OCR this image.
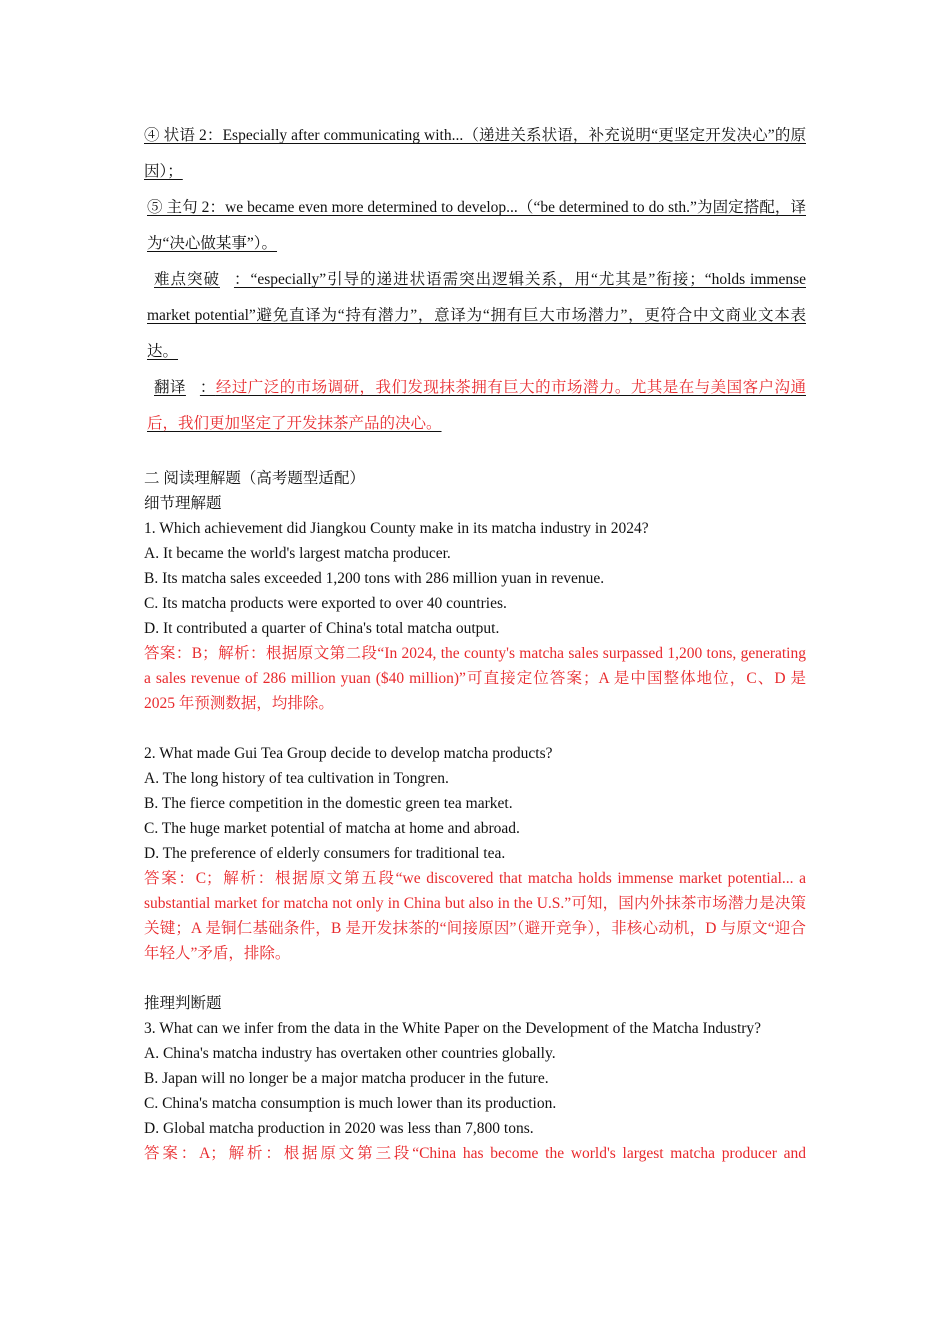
④ 状语 2：Especially after communicating with...（递进关系状语，补充说明“更坚定开发决心”的原因）；

⑤ 主句 2：we became even more determined to develop...（“be determined to do sth.”为固定搭配，译为“决心做某事”）。

难点突破 ：“especially”引导的递进状语需突出逻辑关系，用“尤其是”衔接；“holds immense market potential”避免直译为“持有潜力”，意译为“拥有巨大市场潜力”，更符合中文商业文本表达。

翻译 ：经过广泛的市场调研，我们发现抹茶拥有巨大的市场潜力。尤其是在与美国客户沟通后，我们更加坚定了开发抹茶产品的决心。

二 阅读理解题（高考题型适配）

细节理解题

1. Which achievement did Jiangkou County make in its matcha industry in 2024?

A. It became the world's largest matcha producer.

B. Its matcha sales exceeded 1,200 tons with 286 million yuan in revenue.

C. Its matcha products were exported to over 40 countries.

D. It contributed a quarter of China's total matcha output.

答案：B；解析：根据原文第二段“In 2024, the county's matcha sales surpassed 1,200 tons, generating a sales revenue of 286 million yuan ($40 million)”可直接定位答案；A 是中国整体地位，C、D 是 2025 年预测数据，均排除。

2. What made Gui Tea Group decide to develop matcha products?

A. The long history of tea cultivation in Tongren.

B. The fierce competition in the domestic green tea market.

C. The huge market potential of matcha at home and abroad.

D. The preference of elderly consumers for traditional tea.

答案：C；解析：根据原文第五段“we discovered that matcha holds immense market potential... a substantial market for matcha not only in China but also in the U.S.”可知，国内外抹茶市场潜力是决策关键；A 是铜仁基础条件，B 是开发抹茶的“间接原因”（避开竞争），非核心动机，D 与原文“迎合年轻人”矛盾，排除。

推理判断题

3. What can we infer from the data in the White Paper on the Development of the Matcha Industry?

A. China's matcha industry has overtaken other countries globally.

B. Japan will no longer be a major matcha producer in the future.

C. China's matcha consumption is much lower than its production.

D. Global matcha production in 2020 was less than 7,800 tons.

答案：A；解析：根据原文第三段“China has become the world's largest matcha producer and
